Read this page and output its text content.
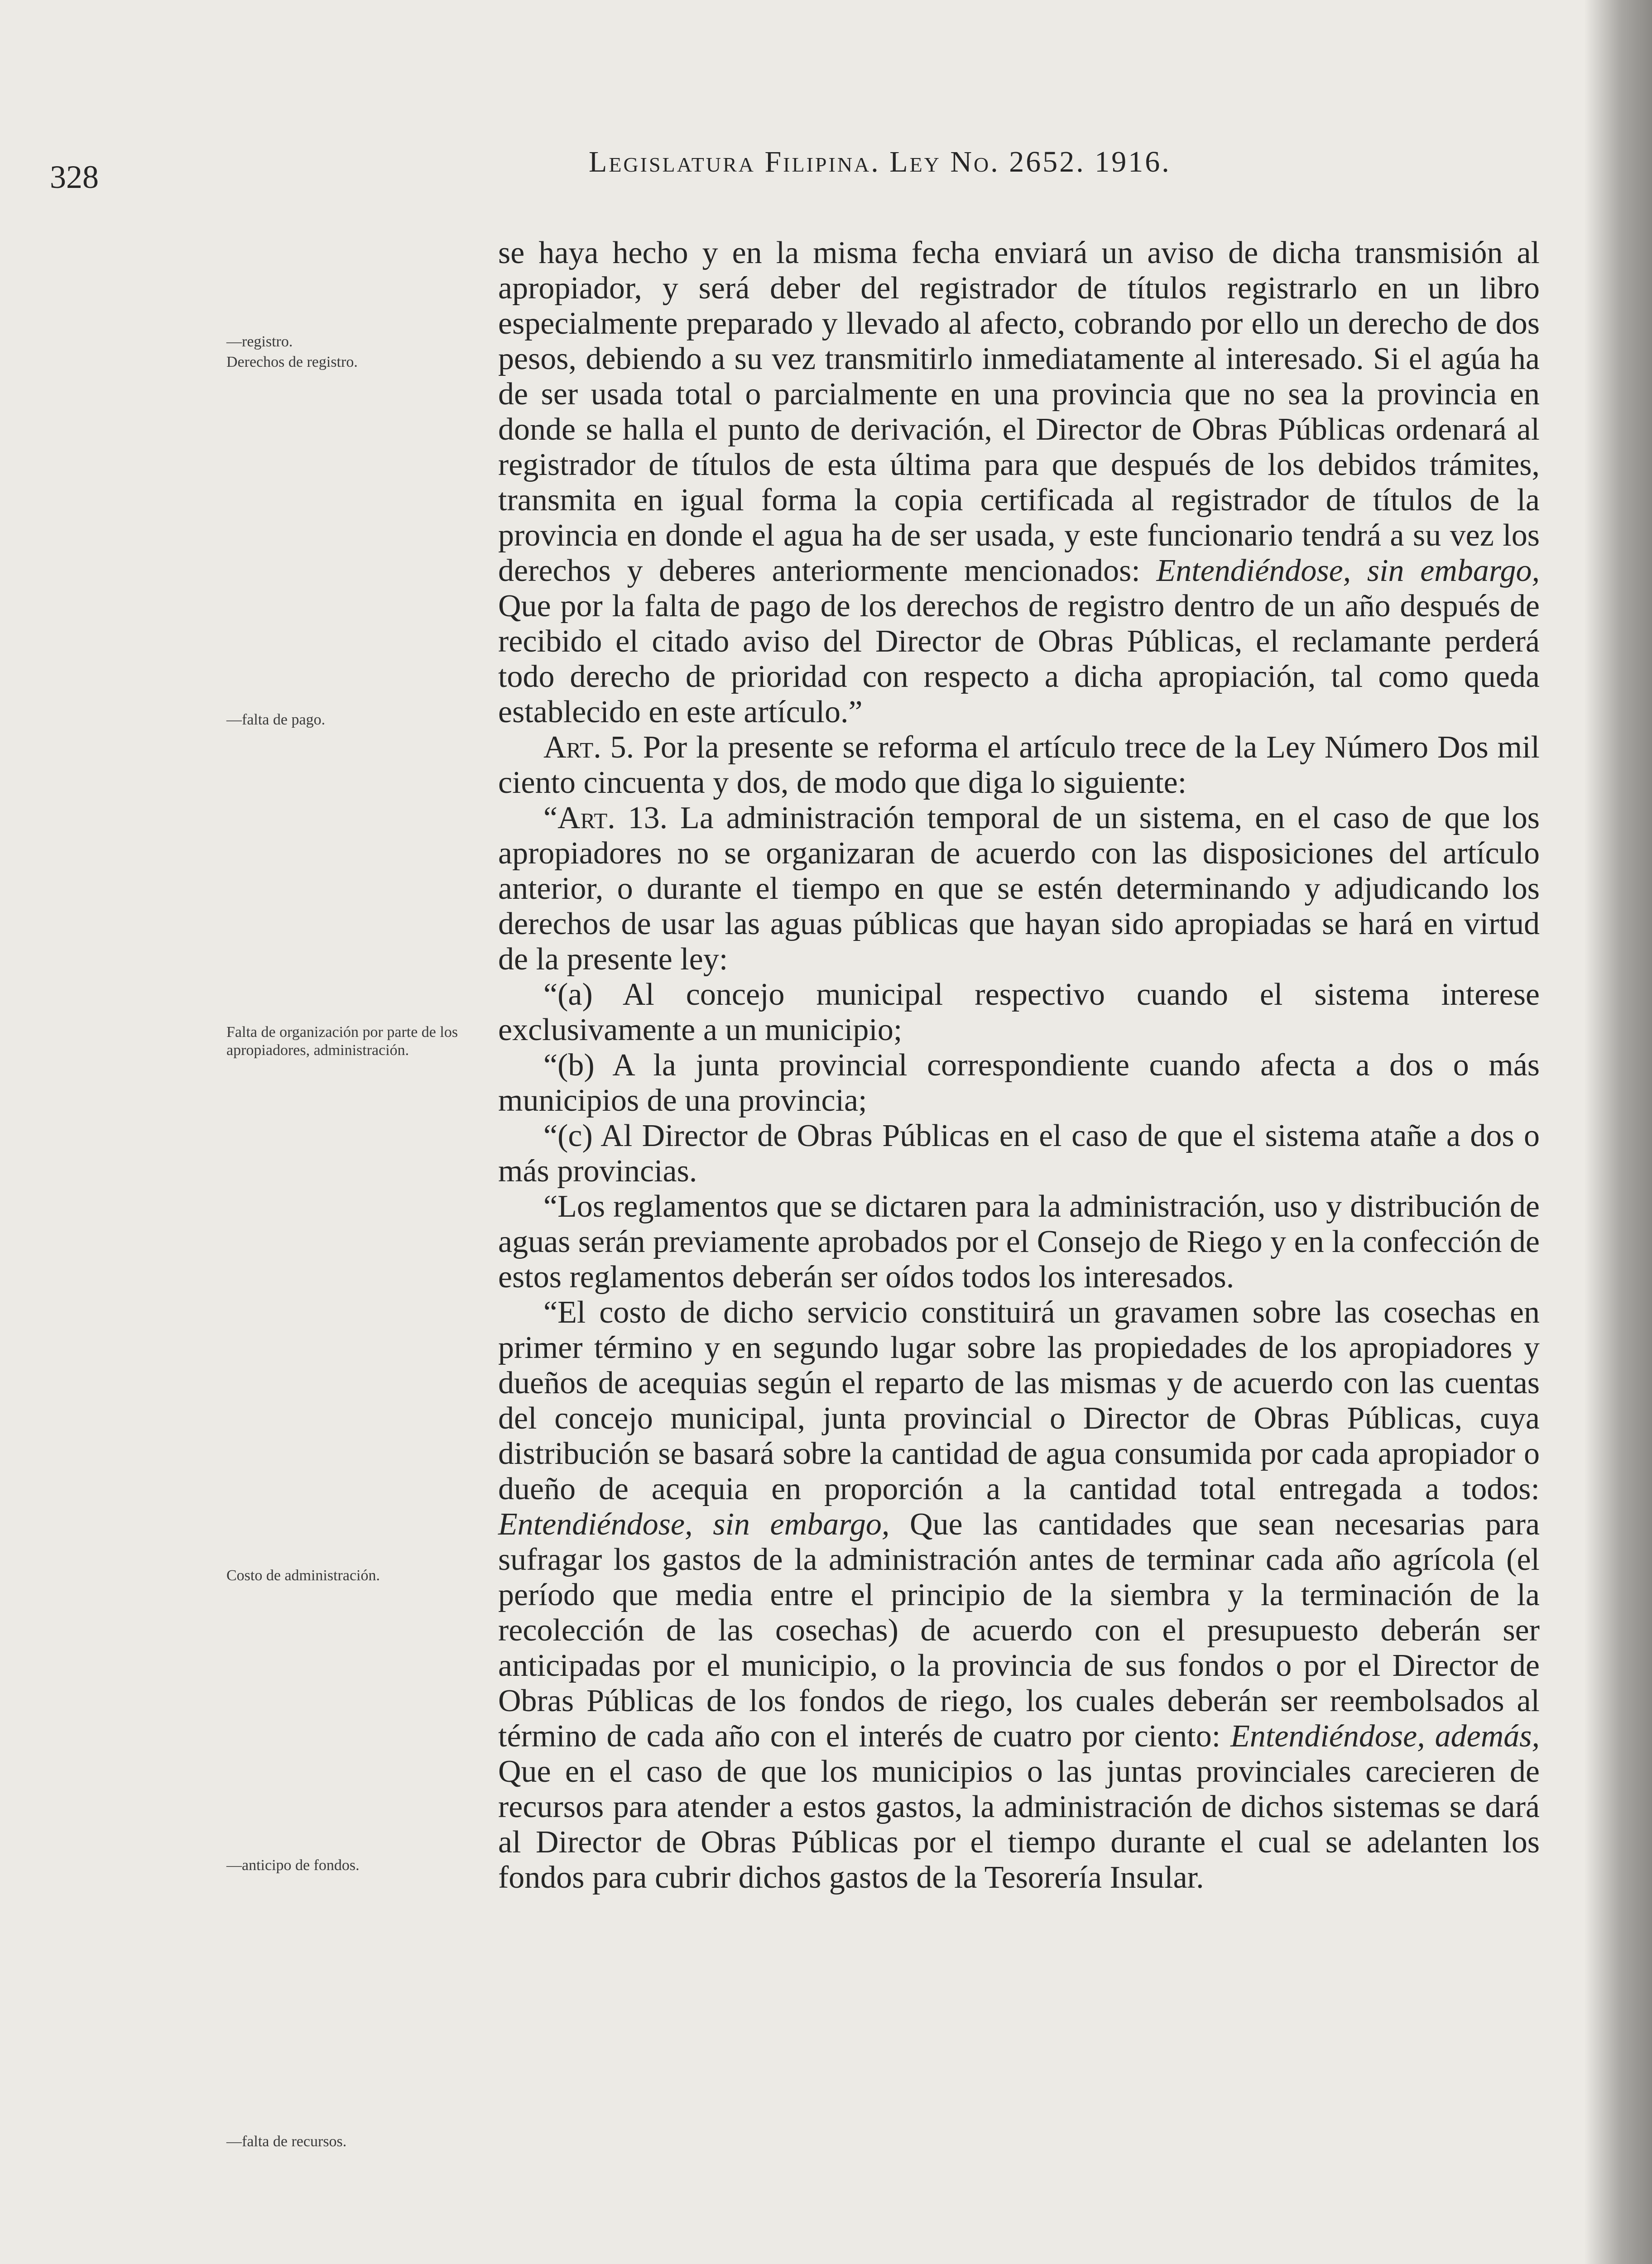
328	Legislatura Filipina. Ley No. 2652. 1916.
—registro.
Derechos de registro.
—falta de pago.
Falta de organización por parte de los apropiadores, administración.
Costo de administración.
—anticipo de fondos.
—falta de recursos.

se haya hecho y en la misma fecha enviará un aviso de dicha transmisión al apropiador, y será deber del registrador de títulos registrarlo en un libro especialmente preparado y llevado al afecto, cobrando por ello un derecho de dos pesos, debiendo a su vez transmitirlo inmediatamente al interesado. Si el agúa ha de ser usada total o parcialmente en una provincia que no sea la provincia en donde se halla el punto de derivación, el Director de Obras Públicas ordenará al registrador de títulos de esta última para que después de los debidos trámites, transmita en igual forma la copia certificada al registrador de títulos de la provincia en donde el agua ha de ser usada, y este funcionario tendrá a su vez los derechos y deberes anteriormente mencionados: Entendiéndose, sin embargo, Que por la falta de pago de los derechos de registro dentro de un año después de recibido el citado aviso del Director de Obras Públicas, el reclamante perderá todo derecho de prioridad con respecto a dicha apropiación, tal como queda establecido en este artículo.”

Art. 5. Por la presente se reforma el artículo trece de la Ley Número Dos mil ciento cincuenta y dos, de modo que diga lo siguiente:

“Art. 13. La administración temporal de un sistema, en el caso de que los apropiadores no se organizaran de acuerdo con las disposiciones del artículo anterior, o durante el tiempo en que se estén determinando y adjudicando los derechos de usar las aguas públicas que hayan sido apropiadas se hará en virtud de la presente ley:

“(a) Al concejo municipal respectivo cuando el sistema interese exclusivamente a un municipio;

“(b) A la junta provincial correspondiente cuando afecta a dos o más municipios de una provincia;

“(c) Al Director de Obras Públicas en el caso de que el sistema atañe a dos o más provincias.

“Los reglamentos que se dictaren para la administración, uso y distribución de aguas serán previamente aprobados por el Consejo de Riego y en la confección de estos reglamentos deberán ser oídos todos los interesados.

“El costo de dicho servicio constituirá un gravamen sobre las cosechas en primer término y en segundo lugar sobre las propiedades de los apropiadores y dueños de acequias según el reparto de las mismas y de acuerdo con las cuentas del concejo municipal, junta provincial o Director de Obras Públicas, cuya distribución se basará sobre la cantidad de agua consumida por cada apropiador o dueño de acequia en proporción a la cantidad total entregada a todos: Entendiéndose, sin embargo, Que las cantidades que sean necesarias para sufragar los gastos de la administración antes de terminar cada año agrícola (el período que media entre el principio de la siembra y la terminación de la recolección de las cosechas) de acuerdo con el presupuesto deberán ser anticipadas por el municipio, o la provincia de sus fondos o por el Director de Obras Públicas de los fondos de riego, los cuales deberán ser reembolsados al término de cada año con el interés de cuatro por ciento: Entendiéndose, además, Que en el caso de que los municipios o las juntas provinciales carecieren de recursos para atender a estos gastos, la administración de dichos sistemas se dará al Director de Obras Públicas por el tiempo durante el cual se adelanten los fondos para cubrir dichos gastos de la Tesorería Insular.
